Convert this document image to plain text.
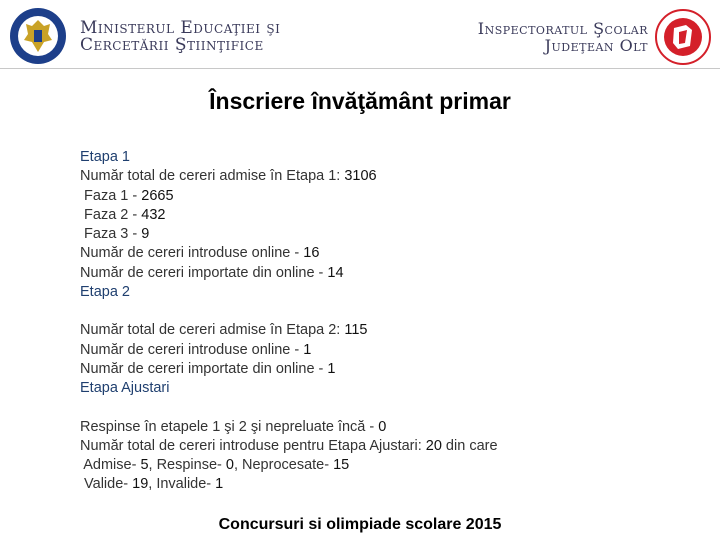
Ministerul Educaţiei şi
Cercetării Ştiinţifice
Inspectoratul Şcolar
Judeţean Olt
Înscriere învăţământ primar
Etapa 1
Număr total de cereri admise în Etapa 1: 3106
Faza 1 - 2665
Faza 2 - 432
Faza 3 - 9
Număr de cereri introduse online - 16
Număr de cereri importate din online - 14
Etapa 2
Număr total de cereri admise în Etapa 2: 115
Număr de cereri introduse online - 1
Număr de cereri importate din online - 1
Etapa Ajustari
Respinse în etapele 1 şi 2 şi nepreluate încă - 0
Număr total de cereri introduse pentru Etapa Ajustari: 20 din care
Admise- 5, Respinse- 0, Neprocesate- 15
Valide- 19, Invalide- 1
Concursuri si olimpiade scolare 2015
